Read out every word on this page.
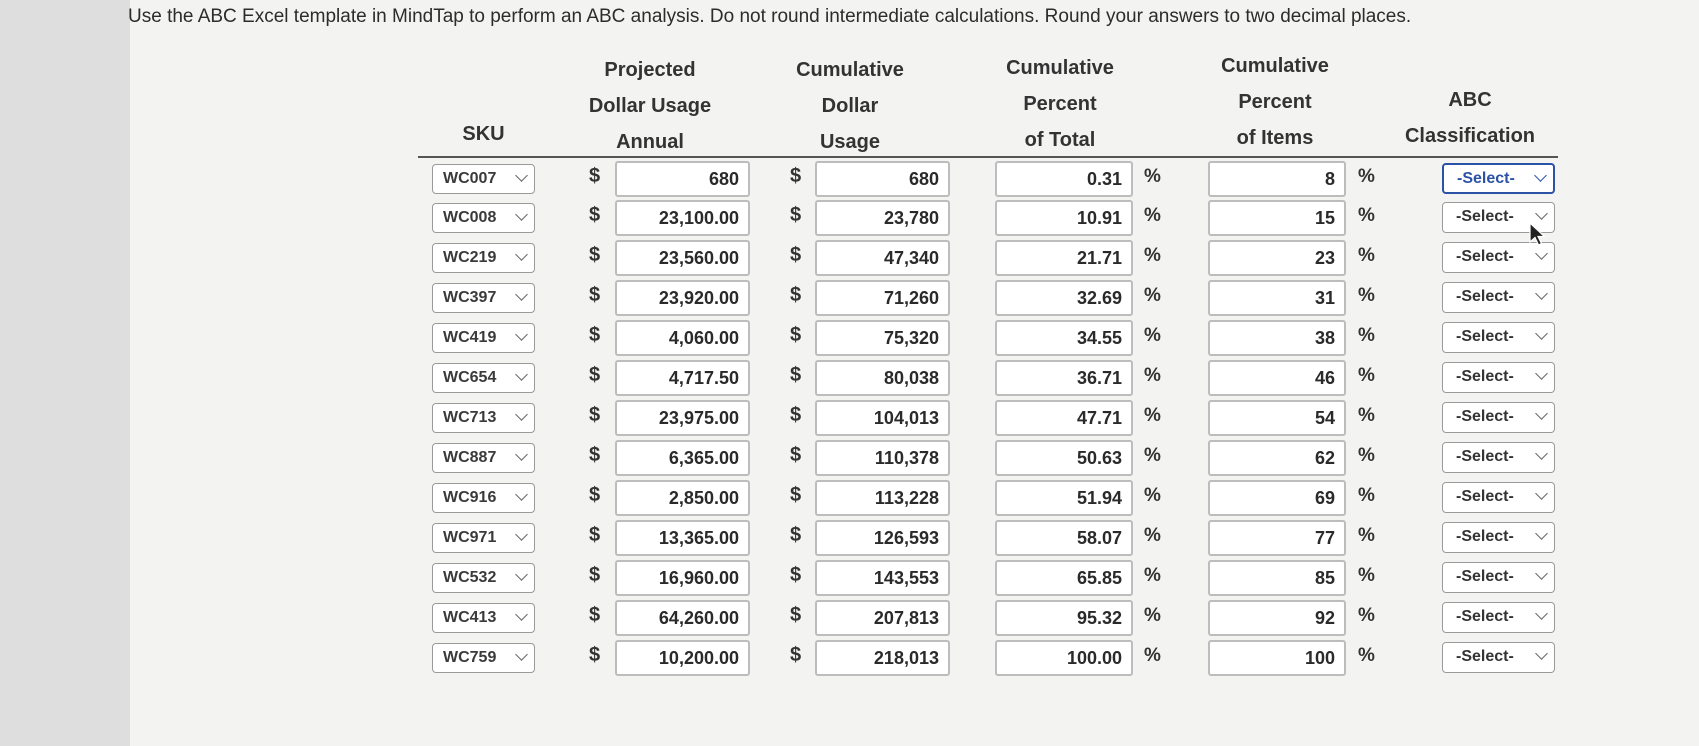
Use the ABC Excel template in MindTap to perform an ABC analysis. Do not round intermediate calculations. Round your answers to two decimal places.
SKU
Projected
Dollar Usage
Annual
Cumulative
Dollar
Usage
Cumulative
Percent
of Total
Cumulative
Percent
of Items
ABC
Classification
WC007	$	680	$	680	0.31	%	8	%	-Select-
WC008	$	23,100.00	$	23,780	10.91	%	15	%	-Select-
WC219	$	23,560.00	$	47,340	21.71	%	23	%	-Select-
WC397	$	23,920.00	$	71,260	32.69	%	31	%	-Select-
WC419	$	4,060.00	$	75,320	34.55	%	38	%	-Select-
WC654	$	4,717.50	$	80,038	36.71	%	46	%	-Select-
WC713	$	23,975.00	$	104,013	47.71	%	54	%	-Select-
WC887	$	6,365.00	$	110,378	50.63	%	62	%	-Select-
WC916	$	2,850.00	$	113,228	51.94	%	69	%	-Select-
WC971	$	13,365.00	$	126,593	58.07	%	77	%	-Select-
WC532	$	16,960.00	$	143,553	65.85	%	85	%	-Select-
WC413	$	64,260.00	$	207,813	95.32	%	92	%	-Select-
WC759	$	10,200.00	$	218,013	100.00	%	100	%	-Select-
